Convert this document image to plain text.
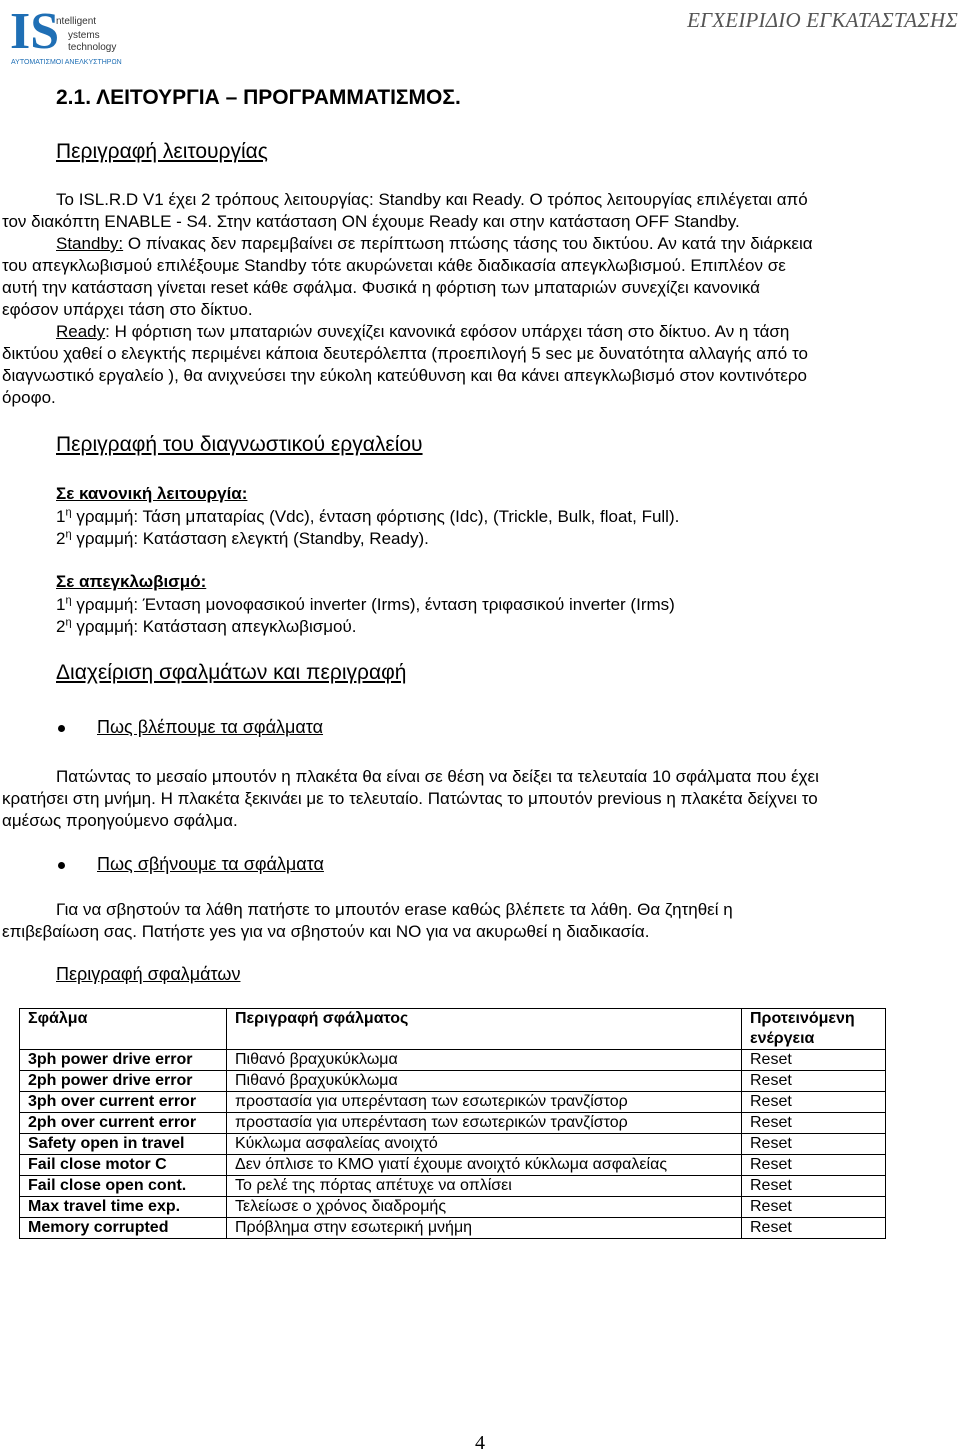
IS
ntelligent
ystems
technology
ΑΥΤΟΜΑΤΙΣΜΟΙ ΑΝΕΛΚΥΣΤΗΡΩΝ
ΕΓΧΕΙΡΙΔΙΟ ΕΓΚΑΤΑΣΤΑΣΗΣ
2.1. ΛΕΙΤΟΥΡΓΙΑ – ΠΡΟΓΡΑΜΜΑΤΙΣΜΟΣ.
Περιγραφή λειτουργίας
Το ISL.R.D V1 έχει 2 τρόπους λειτουργίας: Standby και Ready. Ο τρόπος λειτουργίας επιλέγεται από
τον διακόπτη ENABLE - S4. Στην κατάσταση ON έχουμε Ready και στην κατάσταση OFF Standby.
Standby: Ο πίνακας δεν παρεμβαίνει σε περίπτωση πτώσης τάσης του δικτύου. Αν κατά την διάρκεια
του απεγκλωβισμού επιλέξουμε Standby τότε ακυρώνεται κάθε διαδικασία απεγκλωβισμού. Επιπλέον σε
αυτή την κατάσταση γίνεται reset κάθε σφάλμα. Φυσικά η φόρτιση των μπαταριών συνεχίζει κανονικά
εφόσον υπάρχει τάση στο δίκτυο.
Ready: Η φόρτιση των μπαταριών συνεχίζει κανονικά εφόσον υπάρχει τάση στο δίκτυο. Αν η τάση
δικτύου χαθεί ο ελεγκτής περιμένει κάποια δευτερόλεπτα (προεπιλογή 5 sec με δυνατότητα αλλαγής από το
διαγνωστικό εργαλείο ), θα ανιχνεύσει την εύκολη κατεύθυνση και θα κάνει απεγκλωβισμό στον κοντινότερο
όροφο.
Περιγραφή του διαγνωστικού εργαλείου
Σε κανονική λειτουργία:
$1^\eta$ γραμμή: Τάση μπαταρίας (Vdc), ένταση φόρτισης (Idc), (Trickle, Bulk, float, Full).
$2^\eta$ γραμμή: Κατάσταση ελεγκτή (Standby, Ready).
Σε απεγκλωβισμό:
$1^\eta$ γραμμή: Ένταση μονοφασικού inverter (Irms), ένταση τριφασικού inverter (Irms)
$2^\eta$ γραμμή: Κατάσταση απεγκλωβισμού.
Διαχείριση σφαλμάτων και περιγραφή
Πως βλέπουμε τα σφάλματα
Πατώντας το μεσαίο μπουτόν η πλακέτα θα είναι σε θέση να δείξει τα τελευταία 10 σφάλματα που έχει
κρατήσει στη μνήμη. Η πλακέτα ξεκινάει με το τελευταίο. Πατώντας το μπουτόν previous η πλακέτα δείχνει το
αμέσως προηγούμενο σφάλμα.
Πως σβήνουμε τα σφάλματα
Για να σβηστούν τα λάθη πατήστε το μπουτόν erase καθώς βλέπετε τα λάθη. Θα ζητηθεί η
επιβεβαίωση σας. Πατήστε yes για να σβηστούν και NO για να ακυρωθεί η διαδικασία.
Περιγραφή σφαλμάτων
Σφάλμα	Περιγραφή σφάλματος	Προτεινόμενη ενέργεια
3ph power drive error	Πιθανό βραχυκύκλωμα	Reset
2ph power drive error	Πιθανό βραχυκύκλωμα	Reset
3ph over current error	προστασία για υπερένταση των εσωτερικών τρανζίστορ	Reset
2ph over current error	προστασία για υπερένταση των εσωτερικών τρανζίστορ	Reset
Safety open in travel	Κύκλωμα ασφαλείας ανοιχτό	Reset
Fail close motor C	Δεν όπλισε το ΚΜΟ γιατί έχουμε ανοιχτό κύκλωμα ασφαλείας	Reset
Fail close open cont.	Το ρελέ της πόρτας απέτυχε να οπλίσει	Reset
Max travel time exp.	Τελείωσε ο χρόνος διαδρομής	Reset
Memory corrupted	Πρόβλημα στην εσωτερική μνήμη	Reset
4
